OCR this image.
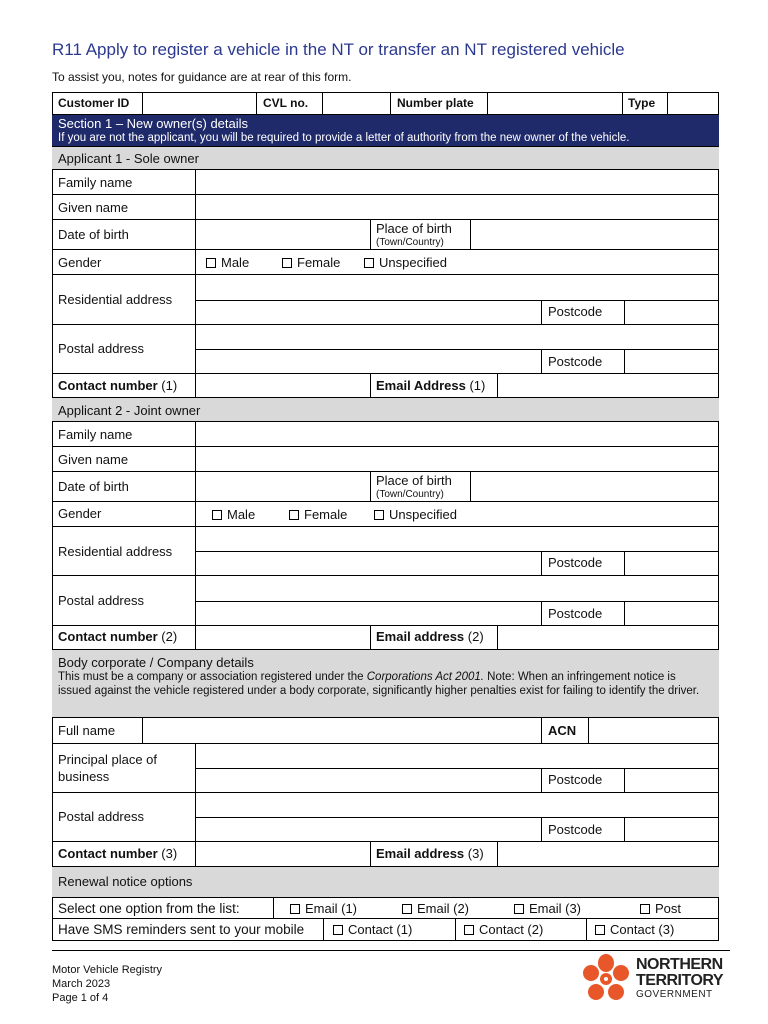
R11 Apply to register a vehicle in the NT or transfer an NT registered vehicle
To assist you, notes for guidance are at rear of this form.
Customer ID	CVL no.	Number plate	Type
Section 1 – New owner(s) details
If you are not the applicant, you will be required to provide a letter of authority from the new owner of the vehicle.
Applicant 1 - Sole owner
Family name
Given name
Date of birth	Place of birth
(Town/Country)
Gender	Male	Female	Unspecified
Residential address
Postcode
Postal address
Postcode
Contact number (1)	Email Address (1)
Applicant 2 - Joint owner
Family name
Given name
Date of birth	Place of birth
(Town/Country)
Gender	Male	Female	Unspecified
Residential address
Postcode
Postal address
Postcode
Contact number (2)	Email address (2)
Body corporate / Company details
This must be a company or association registered under the Corporations Act 2001. Note: When an infringement notice is issued against the vehicle registered under a body corporate, significantly higher penalties exist for failing to identify the driver.
Full name	ACN
Principal place of business	Postcode
Postal address
Postcode
Contact number (3)	Email address (3)
Renewal notice options
Select one option from the list:	Email (1)	Email (2)	Email (3)	Post
Have SMS reminders sent to your mobile	Contact (1)	Contact (2)	Contact (3)
Motor Vehicle Registry
March 2023
Page 1 of 4
NORTHERN
TERRITORY
GOVERNMENT
